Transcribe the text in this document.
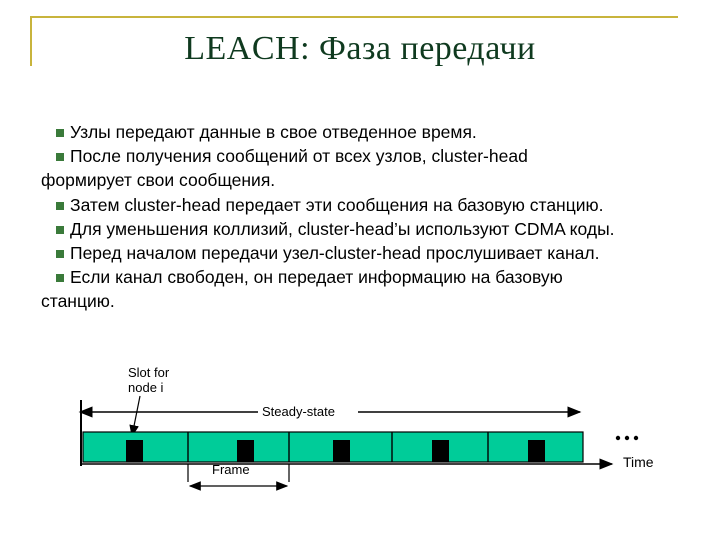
LEACH: Фаза передачи
Узлы передают данные в свое отведенное время.
После получения сообщений от всех узлов, cluster-head
формирует свои сообщения.
Затем cluster-head передает эти сообщения на базовую станцию.
Для уменьшения коллизий, cluster-head’ы используют CDMA коды.
Перед началом передачи узел-cluster-head прослушивает канал.
Если канал свободен, он передает информацию на базовую
станцию.
Slot for
node i
Steady-state
Time
Frame
